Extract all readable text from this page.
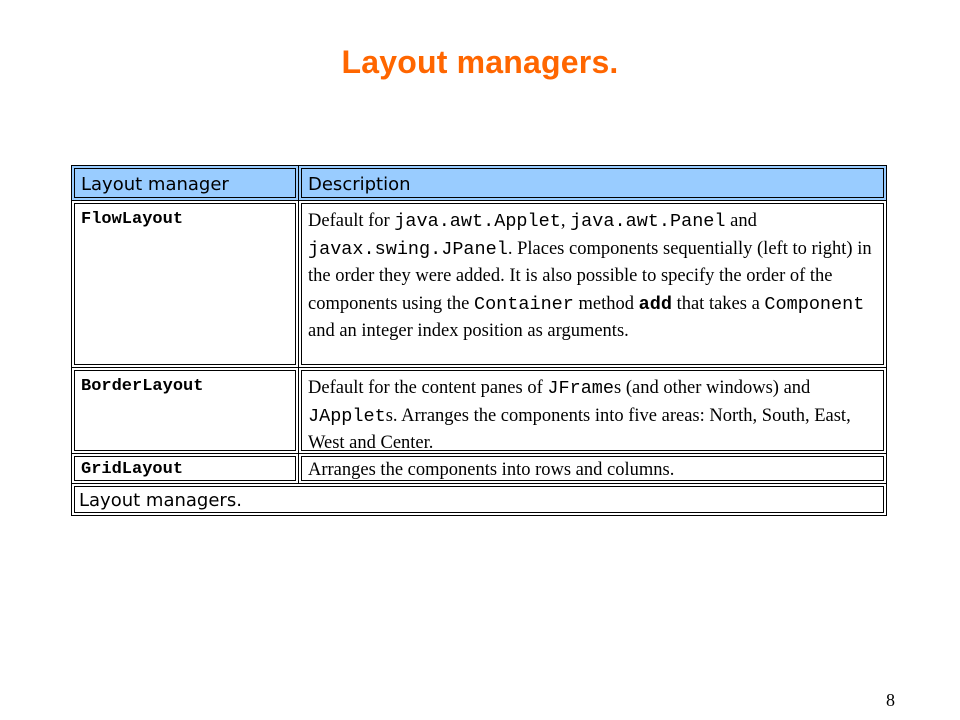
Layout managers.
Layout manager	Description

FlowLayout	Default for java.awt.Applet, java.awt.Panel and javax.swing.JPanel. Places components sequentially (left to right) in the order they were added. It is also possible to specify the order of the components using the Container method add that takes a Component and an integer index position as arguments.

BorderLayout	Default for the content panes of JFrames (and other windows) and JApplets. Arranges the components into five areas: North, South, East, West and Center.

GridLayout	Arranges the components into rows and columns.

Layout managers.	
8
